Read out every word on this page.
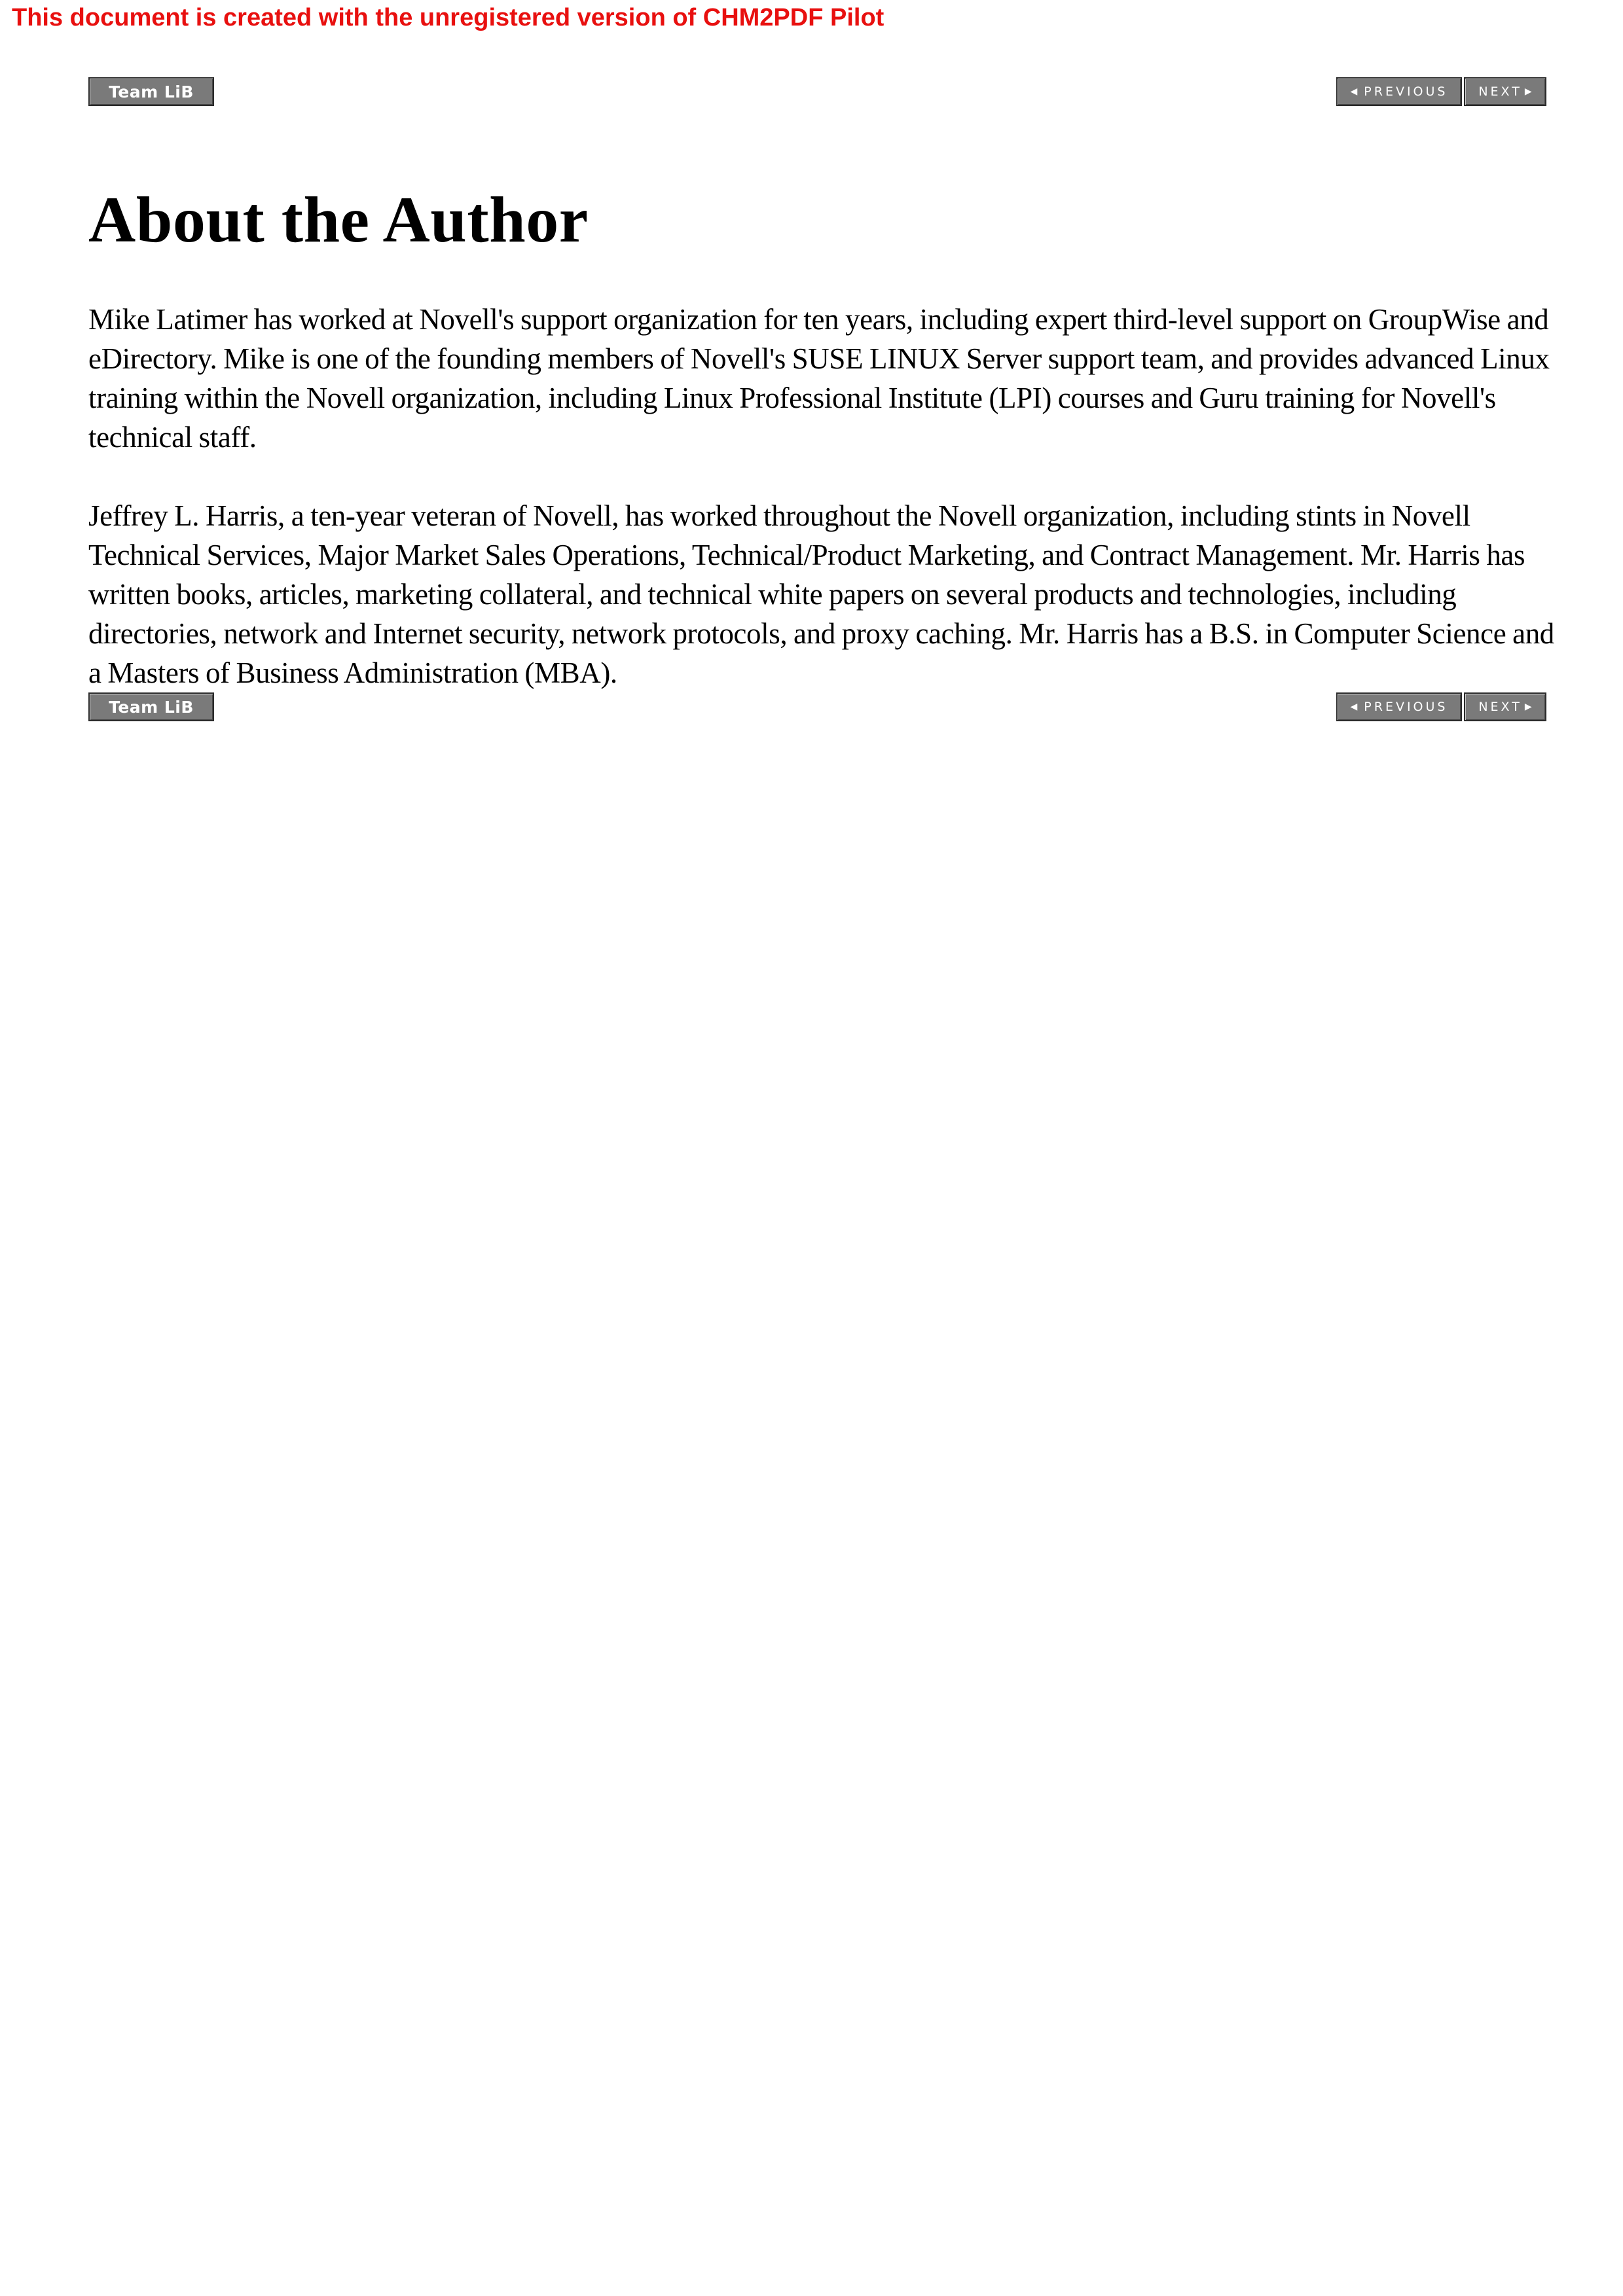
This document is created with the unregistered version of CHM2PDF Pilot
Team LiB	◀ PREVIOUS NEXT ▶
About the Author

Mike Latimer has worked at Novell's support organization for ten years, including expert third-level support on GroupWise and eDirectory. Mike is one of the founding members of Novell's SUSE LINUX Server support team, and provides advanced Linux training within the Novell organization, including Linux Professional Institute (LPI) courses and Guru training for Novell's technical staff.

Jeffrey L. Harris, a ten-year veteran of Novell, has worked throughout the Novell organization, including stints in Novell Technical Services, Major Market Sales Operations, Technical/Product Marketing, and Contract Management. Mr. Harris has written books, articles, marketing collateral, and technical white papers on several products and technologies, including directories, network and Internet security, network protocols, and proxy caching. Mr. Harris has a B.S. in Computer Science and a Masters of Business Administration (MBA).

Team LiB	◀ PREVIOUS NEXT ▶
